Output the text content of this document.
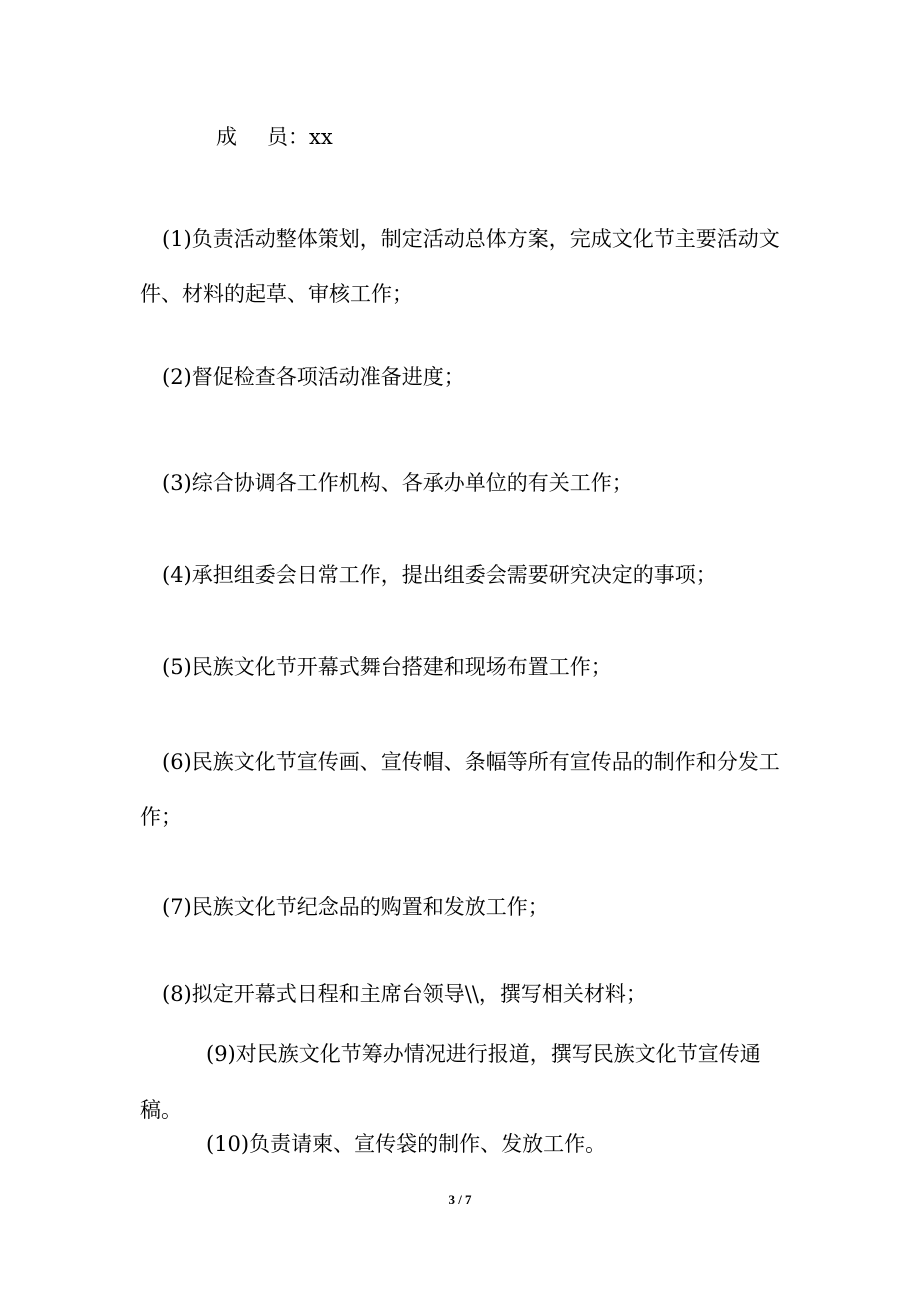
成 员：xx

(1)负责活动整体策划，制定活动总体方案，完成文化节主要活动文件、材料的起草、审核工作；

(2)督促检查各项活动准备进度；

(3)综合协调各工作机构、各承办单位的有关工作；

(4)承担组委会日常工作，提出组委会需要研究决定的事项；

(5)民族文化节开幕式舞台搭建和现场布置工作；

(6)民族文化节宣传画、宣传帽、条幅等所有宣传品的制作和分发工作；

(7)民族文化节纪念品的购置和发放工作；

(8)拟定开幕式日程和主席台领导\\，撰写相关材料；

(9)对民族文化节筹办情况进行报道，撰写民族文化节宣传通稿。

(10)负责请柬、宣传袋的制作、发放工作。

3 / 7
